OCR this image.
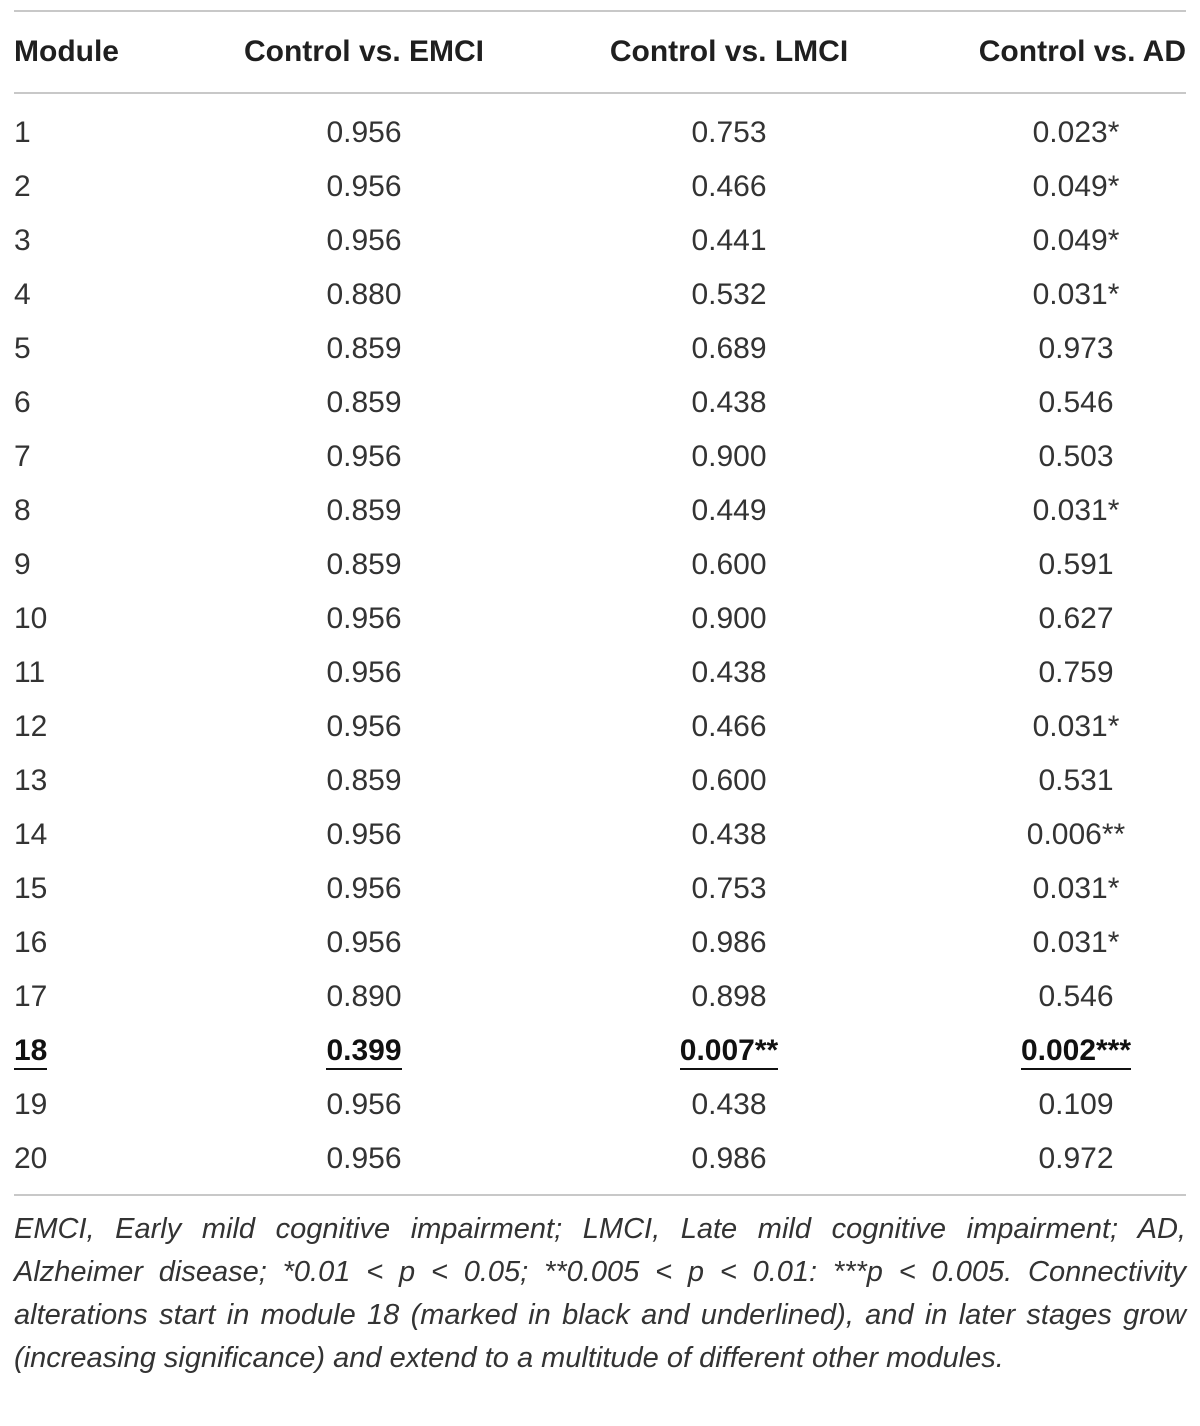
Module	Control vs. EMCI	Control vs. LMCI	Control vs. AD
1	0.956	0.753	0.023*
2	0.956	0.466	0.049*
3	0.956	0.441	0.049*
4	0.880	0.532	0.031*
5	0.859	0.689	0.973
6	0.859	0.438	0.546
7	0.956	0.900	0.503
8	0.859	0.449	0.031*
9	0.859	0.600	0.591
10	0.956	0.900	0.627
11	0.956	0.438	0.759
12	0.956	0.466	0.031*
13	0.859	0.600	0.531
14	0.956	0.438	0.006**
15	0.956	0.753	0.031*
16	0.956	0.986	0.031*
17	0.890	0.898	0.546
18	0.399	0.007**	0.002***
19	0.956	0.438	0.109
20	0.956	0.986	0.972

EMCI, Early mild cognitive impairment; LMCI, Late mild cognitive impairment; AD, Alzheimer disease; *0.01 < p < 0.05; **0.005 < p < 0.01: ***p < 0.005. Connectivity alterations start in module 18 (marked in black and underlined), and in later stages grow (increasing significance) and extend to a multitude of different other modules.
